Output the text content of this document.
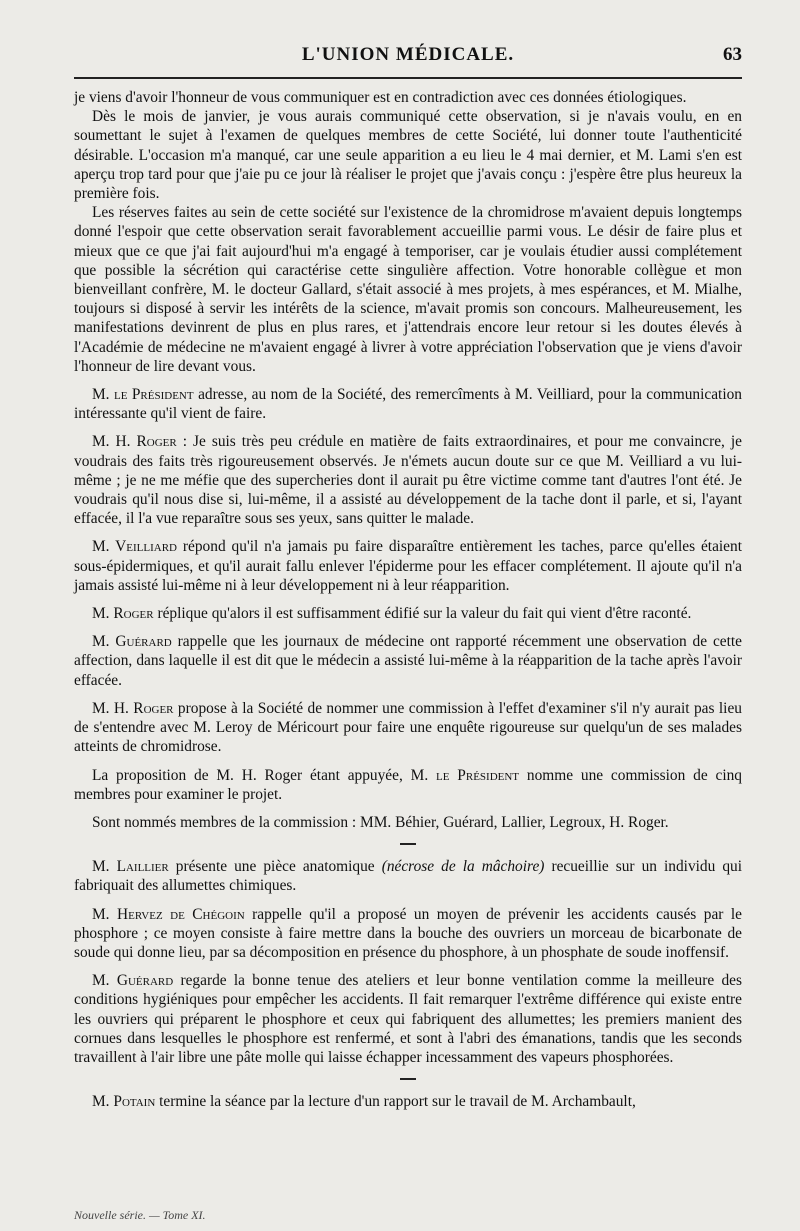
L'UNION MÉDICALE.	63

je viens d'avoir l'honneur de vous communiquer est en contradiction avec ces données étiologiques.

Dès le mois de janvier, je vous aurais communiqué cette observation, si je n'avais voulu, en en soumettant le sujet à l'examen de quelques membres de cette Société, lui donner toute l'authenticité désirable. L'occasion m'a manqué, car une seule apparition a eu lieu le 4 mai dernier, et M. Lami s'en est aperçu trop tard pour que j'aie pu ce jour là réaliser le projet que j'avais conçu : j'espère être plus heureux la première fois.

Les réserves faites au sein de cette société sur l'existence de la chromidrose m'avaient depuis longtemps donné l'espoir que cette observation serait favorablement accueillie parmi vous. Le désir de faire plus et mieux que ce que j'ai fait aujourd'hui m'a engagé à temporiser, car je voulais étudier aussi complétement que possible la sécrétion qui caractérise cette singulière affection. Votre honorable collègue et mon bienveillant confrère, M. le docteur Gallard, s'était associé à mes projets, à mes espérances, et M. Mialhe, toujours si disposé à servir les intérêts de la science, m'avait promis son concours. Malheureusement, les manifestations devinrent de plus en plus rares, et j'attendrais encore leur retour si les doutes élevés à l'Académie de médecine ne m'avaient engagé à livrer à votre appréciation l'observation que je viens d'avoir l'honneur de lire devant vous.

M. le Président adresse, au nom de la Société, des remercîments à M. Veilliard, pour la communication intéressante qu'il vient de faire.

M. H. Roger : Je suis très peu crédule en matière de faits extraordinaires, et pour me convaincre, je voudrais des faits très rigoureusement observés. Je n'émets aucun doute sur ce que M. Veilliard a vu lui-même ; je ne me méfie que des supercheries dont il aurait pu être victime comme tant d'autres l'ont été. Je voudrais qu'il nous dise si, lui-même, il a assisté au développement de la tache dont il parle, et si, l'ayant effacée, il l'a vue reparaître sous ses yeux, sans quitter le malade.

M. Veilliard répond qu'il n'a jamais pu faire disparaître entièrement les taches, parce qu'elles étaient sous-épidermiques, et qu'il aurait fallu enlever l'épiderme pour les effacer complétement. Il ajoute qu'il n'a jamais assisté lui-même ni à leur développement ni à leur réapparition.

M. Roger réplique qu'alors il est suffisamment édifié sur la valeur du fait qui vient d'être raconté.

M. Guérard rappelle que les journaux de médecine ont rapporté récemment une observation de cette affection, dans laquelle il est dit que le médecin a assisté lui-même à la réapparition de la tache après l'avoir effacée.

M. H. Roger propose à la Société de nommer une commission à l'effet d'examiner s'il n'y aurait pas lieu de s'entendre avec M. Leroy de Méricourt pour faire une enquête rigoureuse sur quelqu'un de ses malades atteints de chromidrose.

La proposition de M. H. Roger étant appuyée, M. le Président nomme une commission de cinq membres pour examiner le projet.

Sont nommés membres de la commission : MM. Béhier, Guérard, Lallier, Legroux, H. Roger.

M. Laillier présente une pièce anatomique (nécrose de la mâchoire) recueillie sur un individu qui fabriquait des allumettes chimiques.

M. Hervez de Chégoin rappelle qu'il a proposé un moyen de prévenir les accidents causés par le phosphore ; ce moyen consiste à faire mettre dans la bouche des ouvriers un morceau de bicarbonate de soude qui donne lieu, par sa décomposition en présence du phosphore, à un phosphate de soude inoffensif.

M. Guérard regarde la bonne tenue des ateliers et leur bonne ventilation comme la meilleure des conditions hygiéniques pour empêcher les accidents. Il fait remarquer l'extrême différence qui existe entre les ouvriers qui préparent le phosphore et ceux qui fabriquent des allumettes; les premiers manient des cornues dans lesquelles le phosphore est renfermé, et sont à l'abri des émanations, tandis que les seconds travaillent à l'air libre une pâte molle qui laisse échapper incessamment des vapeurs phosphorées.

M. Potain termine la séance par la lecture d'un rapport sur le travail de M. Archambault,

Nouvelle série. — Tome XI.
